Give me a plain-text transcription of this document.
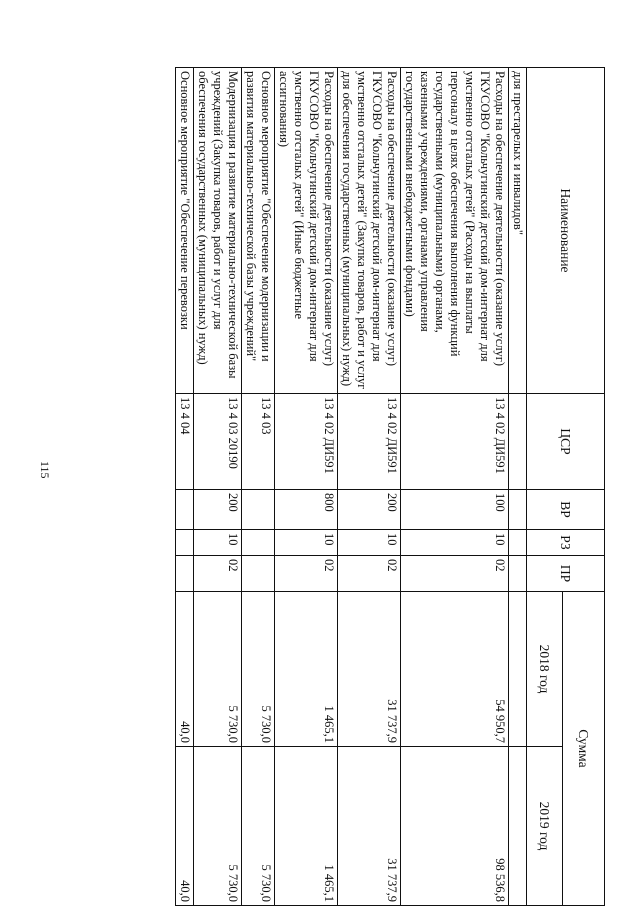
115
Наименование	ЦСР	ВР	РЗ	ПР	Сумма	
					2018 год	2019 год
для престарелых и инвалидов"						
Расходы на обеспечение деятельности (оказание услуг) ГКУСОВО "Кольчугинский детский дом-интернат для умственно отсталых детей" (Расходы на выплаты персоналу в целях обеспечения выполнения функций государственными (муниципальными) органами, казенными учреждениями, органами управления государственными внебюджетными фондами)	13 4 02 ДИ591	100	10	02	54 950,7	98 536,8
Расходы на обеспечение деятельности (оказание услуг) ГКУСОВО "Кольчугинский детский дом-интернат для умственно отсталых детей" (Закупка товаров, работ и услуг для обеспечения государственных (муниципальных) нужд)	13 4 02 ДИ591	200	10	02	31 737,9	31 737,9
Расходы на обеспечение деятельности (оказание услуг) ГКУСОВО "Кольчугинский детский дом-интернат для умственно отсталых детей" (Иные бюджетные ассигнования)	13 4 02 ДИ591	800	10	02	1 465,1	1 465,1
Основное мероприятие "Обеспечение модернизации и развития материально-технической базы учреждений"	13 4 03				5 730,0	5 730,0
Модернизация и развитие материально-технической базы учреждений (Закупка товаров, работ и услуг для обеспечения государственных (муниципальных) нужд)	13 4 03 20190	200	10	02	5 730,0	5 730,0
Основное мероприятие "Обеспечение перевозки	13 4 04				40,0	40,0
